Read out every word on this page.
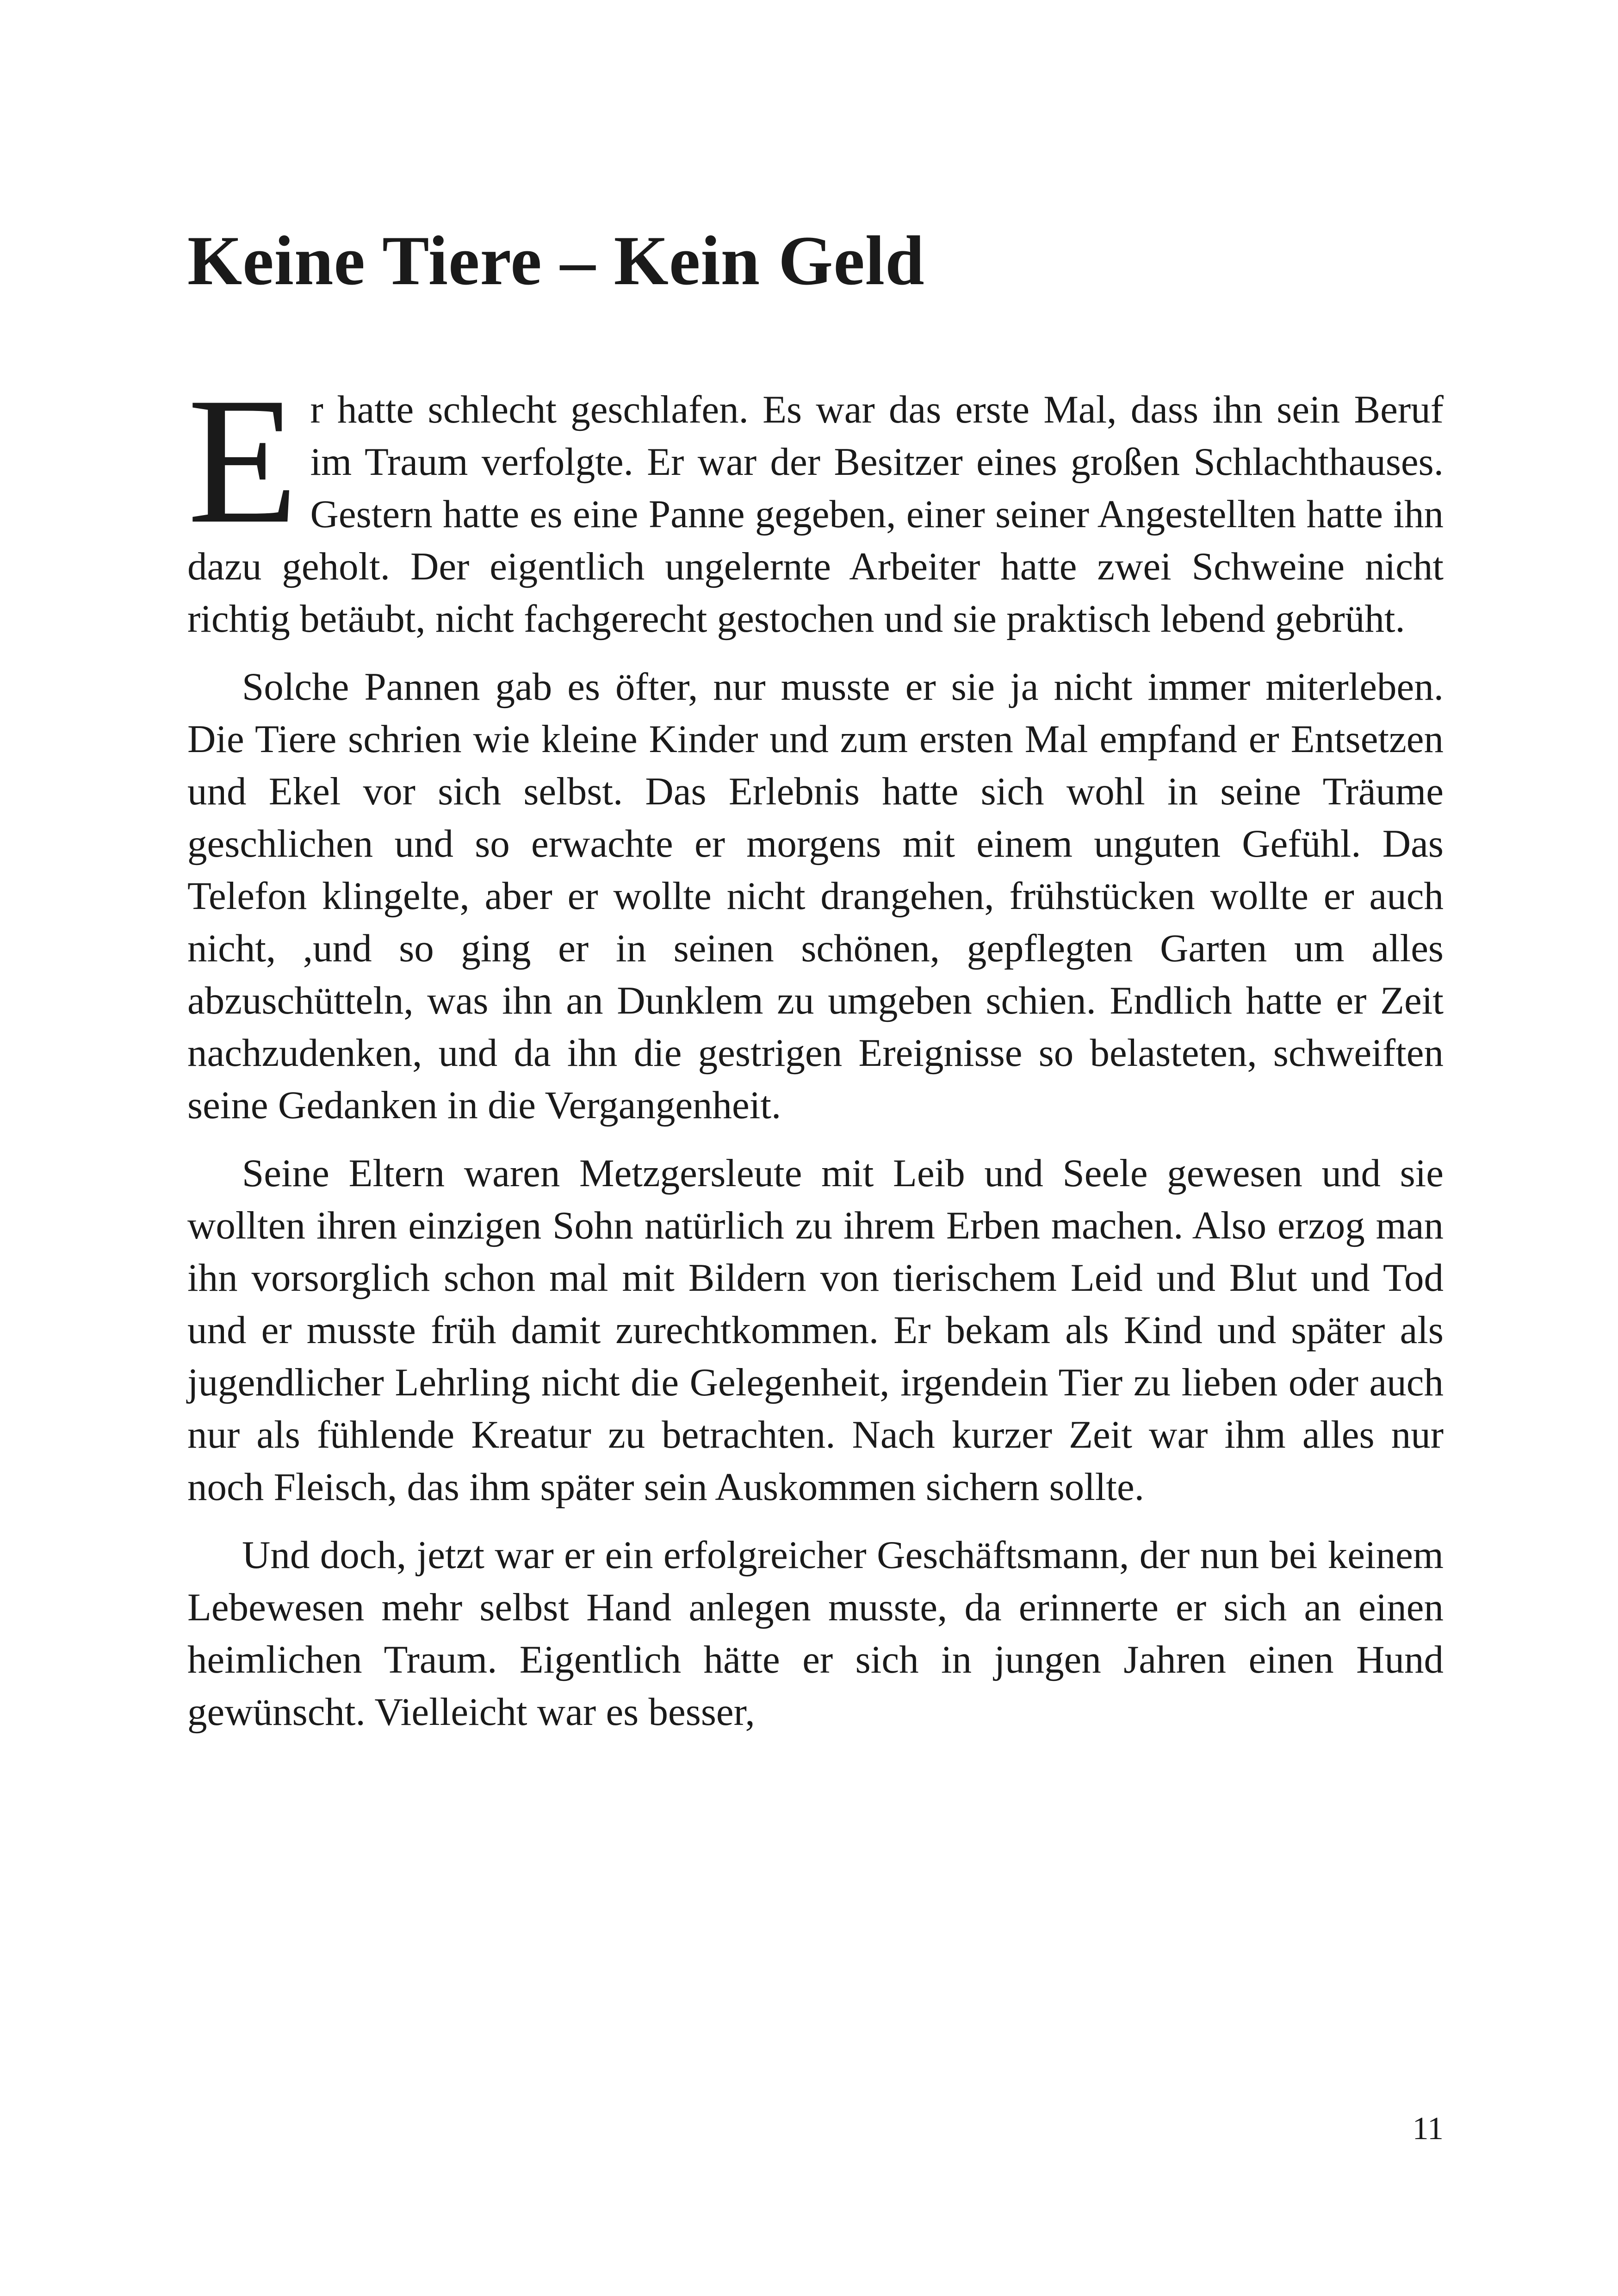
Keine Tiere – Kein Geld

Er hatte schlecht geschlafen. Es war das erste Mal, dass ihn sein Beruf im Traum verfolgte. Er war der Besitzer eines großen Schlachthauses. Gestern hatte es eine Panne gegeben, einer seiner Angestellten hatte ihn dazu geholt. Der eigentlich ungelernte Arbeiter hatte zwei Schweine nicht richtig betäubt, nicht fachgerecht gestochen und sie praktisch lebend gebrüht.

Solche Pannen gab es öfter, nur musste er sie ja nicht immer miterleben. Die Tiere schrien wie kleine Kinder und zum ersten Mal empfand er Entsetzen und Ekel vor sich selbst. Das Erlebnis hatte sich wohl in seine Träume geschlichen und so erwachte er morgens mit einem unguten Gefühl. Das Telefon klingelte, aber er wollte nicht drangehen, frühstücken wollte er auch nicht, ,und so ging er in seinen schönen, gepflegten Garten um alles abzuschütteln, was ihn an Dunklem zu umgeben schien. Endlich hatte er Zeit nachzudenken, und da ihn die gestrigen Ereignisse so belasteten, schweiften seine Gedanken in die Vergangenheit.

Seine Eltern waren Metzgersleute mit Leib und Seele gewesen und sie wollten ihren einzigen Sohn natürlich zu ihrem Erben machen. Also erzog man ihn vorsorglich schon mal mit Bildern von tierischem Leid und Blut und Tod und er musste früh damit zurechtkommen. Er bekam als Kind und später als jugendlicher Lehrling nicht die Gelegenheit, irgendein Tier zu lieben oder auch nur als fühlende Kreatur zu betrachten. Nach kurzer Zeit war ihm alles nur noch Fleisch, das ihm später sein Auskommen sichern sollte.

Und doch, jetzt war er ein erfolgreicher Geschäftsmann, der nun bei keinem Lebewesen mehr selbst Hand anlegen musste, da erinnerte er sich an einen heimlichen Traum. Eigentlich hätte er sich in jungen Jahren einen Hund gewünscht. Vielleicht war es besser,

11
